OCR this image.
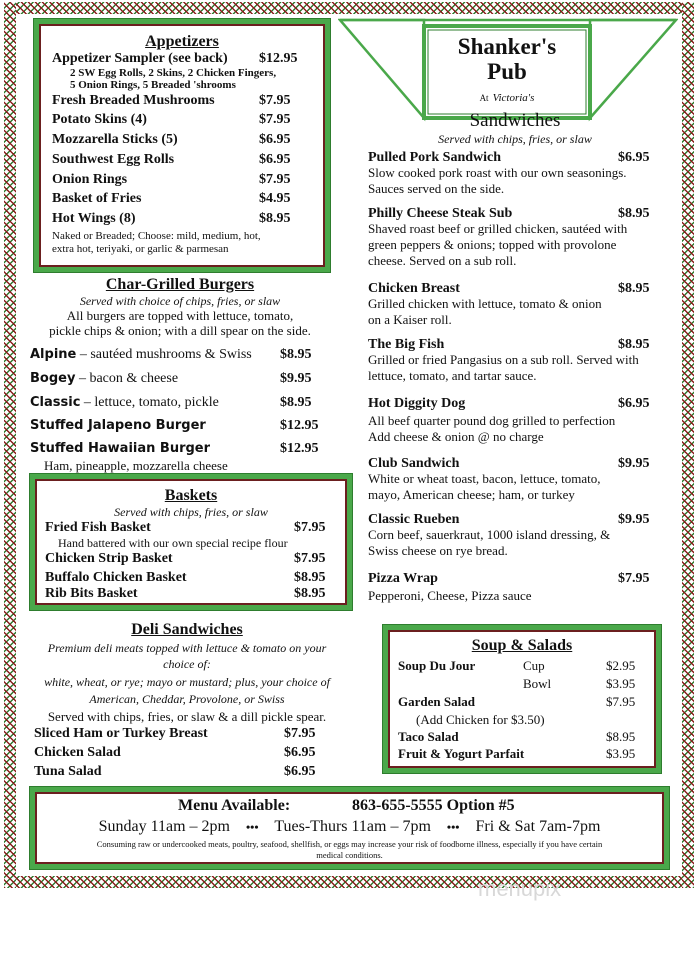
Shanker's
Pub
At Victoria's
Appetizers
Appetizer Sampler (see back) $12.95
2 SW Egg Rolls, 2 Skins, 2 Chicken Fingers,
5 Onion Rings, 5 Breaded 'shrooms
Fresh Breaded Mushrooms	$7.95
Potato Skins (4)	$7.95
Mozzarella Sticks (5)	$6.95
Southwest Egg Rolls	$6.95
Onion Rings	$7.95
Basket of Fries	$4.95
Hot Wings (8)	$8.95
Naked or Breaded; Choose: mild, medium, hot,
extra hot, teriyaki, or garlic & parmesan
Char-Grilled Burgers
Served with choice of chips, fries, or slaw
All burgers are topped with lettuce, tomato,
pickle chips & onion; with a dill spear on the side.
Alpine – sautéed mushrooms & Swiss $8.95
Bogey – bacon & cheese	$9.95
Classic – lettuce, tomato, pickle	$8.95
Stuffed Jalapeno Burger	$12.95
Stuffed Hawaiian Burger	$12.95
Ham, pineapple, mozzarella cheese
Baskets
Served with chips, fries, or slaw
Fried Fish Basket	$7.95
Hand battered with our own special recipe flour
Chicken Strip Basket	$7.95
Buffalo Chicken Basket	$8.95
Rib Bits Basket	$8.95
Deli Sandwiches
Premium deli meats topped with lettuce & tomato on your
choice of:
white, wheat, or rye; mayo or mustard; plus, your choice of
American, Cheddar, Provolone, or Swiss
Served with chips, fries, or slaw & a dill pickle spear.
Sliced Ham or Turkey Breast	$7.95
Chicken Salad	$6.95
Tuna Salad	$6.95
Sandwiches
Served with chips, fries, or slaw
Pulled Pork Sandwich	$6.95
Slow cooked pork roast with our own seasonings.
Sauces served on the side.
Philly Cheese Steak Sub	$8.95
Shaved roast beef or grilled chicken, sautéed with
green peppers & onions; topped with provolone
cheese. Served on a sub roll.
Chicken Breast	$8.95
Grilled chicken with lettuce, tomato & onion
on a Kaiser roll.
The Big Fish	$8.95
Grilled or fried Pangasius on a sub roll. Served with
lettuce, tomato, and tartar sauce.
Hot Diggity Dog	$6.95
All beef quarter pound dog grilled to perfection
Add cheese & onion @ no charge
Club Sandwich	$9.95
White or wheat toast, bacon, lettuce, tomato,
mayo, American cheese; ham, or turkey
Classic Rueben	$9.95
Corn beef, sauerkraut, 1000 island dressing, &
Swiss cheese on rye bread.
Pizza Wrap	$7.95
Pepperoni, Cheese, Pizza sauce
Soup & Salads
Soup Du Jour	Cup	$2.95
Bowl	$3.95
Garden Salad	$7.95
(Add Chicken for $3.50)
Taco Salad	$8.95
Fruit & Yogurt Parfait	$3.95
Menu Available:	863-655-5555 Option #5
Sunday 11am – 2pm ••• Tues-Thurs 11am – 7pm ••• Fri & Sat 7am-7pm
Consuming raw or undercooked meats, poultry, seafood, shellfish, or eggs may increase your risk of foodborne illness, especially if you have certain
medical conditions.
menupix
